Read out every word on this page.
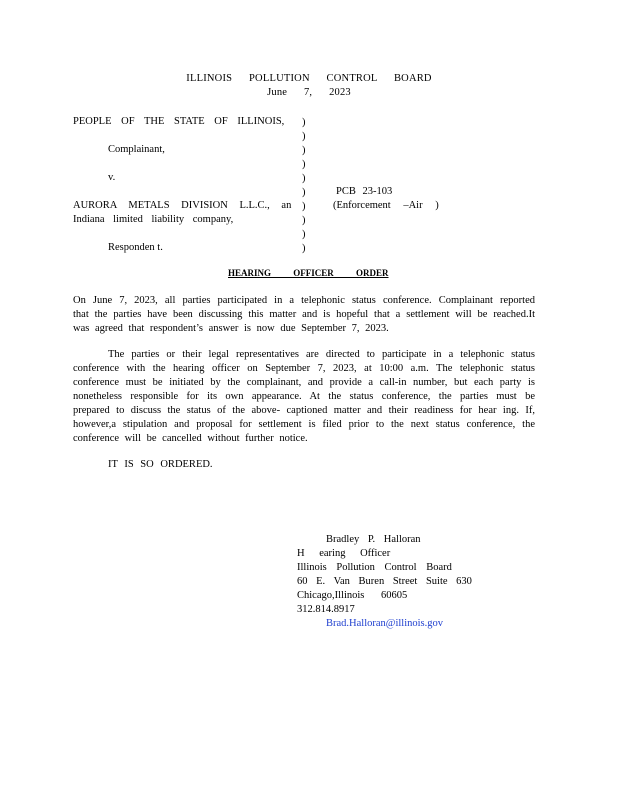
ILLINOIS POLLUTION CONTROL BOARD
June 7, 2023
PEOPLE OF THE STATE OF ILLINOIS,
Complainant,
v.
AURORA METALS DIVISION L.L.C., an
Indiana limited liability company,
Responden t.
)
)
)
)
)
)
)
)
)
)
PCB 23-103
(Enforcement –Air )
HEARING OFFICER ORDER
On June 7, 2023, all parties participated in a telephonic status conference. Complainant reported that the parties have been discussing this matter and is hopeful that a settlement will be reached.It was agreed that respondent’s answer is now due September 7, 2023.
The parties or their legal representatives are directed to participate in a telephonic status conference with the hearing officer on September 7, 2023, at 10:00 a.m. The telephonic status conference must be initiated by the complainant, and provide a call-in number, but each party is nonetheless responsible for its own appearance. At the status conference, the parties must be prepared to discuss the status of the above- captioned matter and their readiness for hear ing. If, however,a stipulation and proposal for settlement is filed prior to the next status conference, the conference will be cancelled without further notice.
IT IS SO ORDERED.
Bradley P. Halloran
H earing Officer
Illinois Pollution Control Board
60 E. Van Buren Street Suite 630
Chicago,Illinois 60605
312.814.8917
Brad.Halloran@illinois.gov
